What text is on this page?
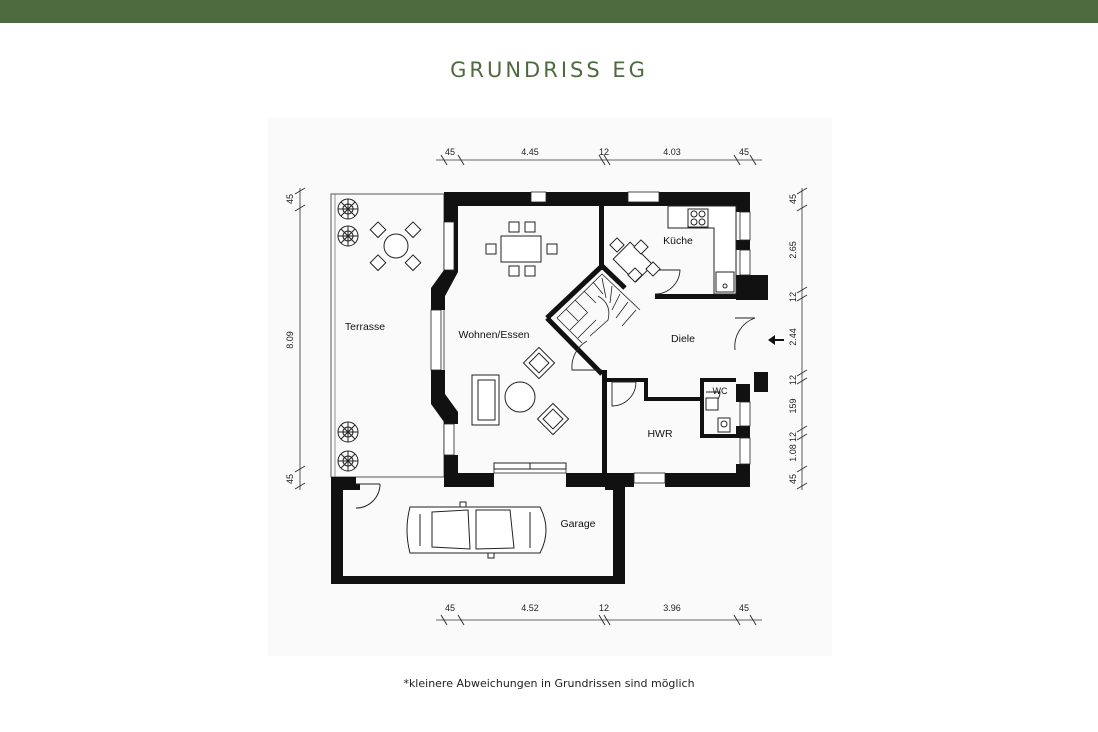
GRUNDRISS EG
45	4.45	12	4.03	45
45	4.52	12	3.96	45
45
8.09
45
45
2.65
12
2.44
12
159
12
1.08
45
Terrasse
Wohnen/Essen
Küche
Diele
WC
HWR
Garage
*kleinere Abweichungen in Grundrissen sind möglich
